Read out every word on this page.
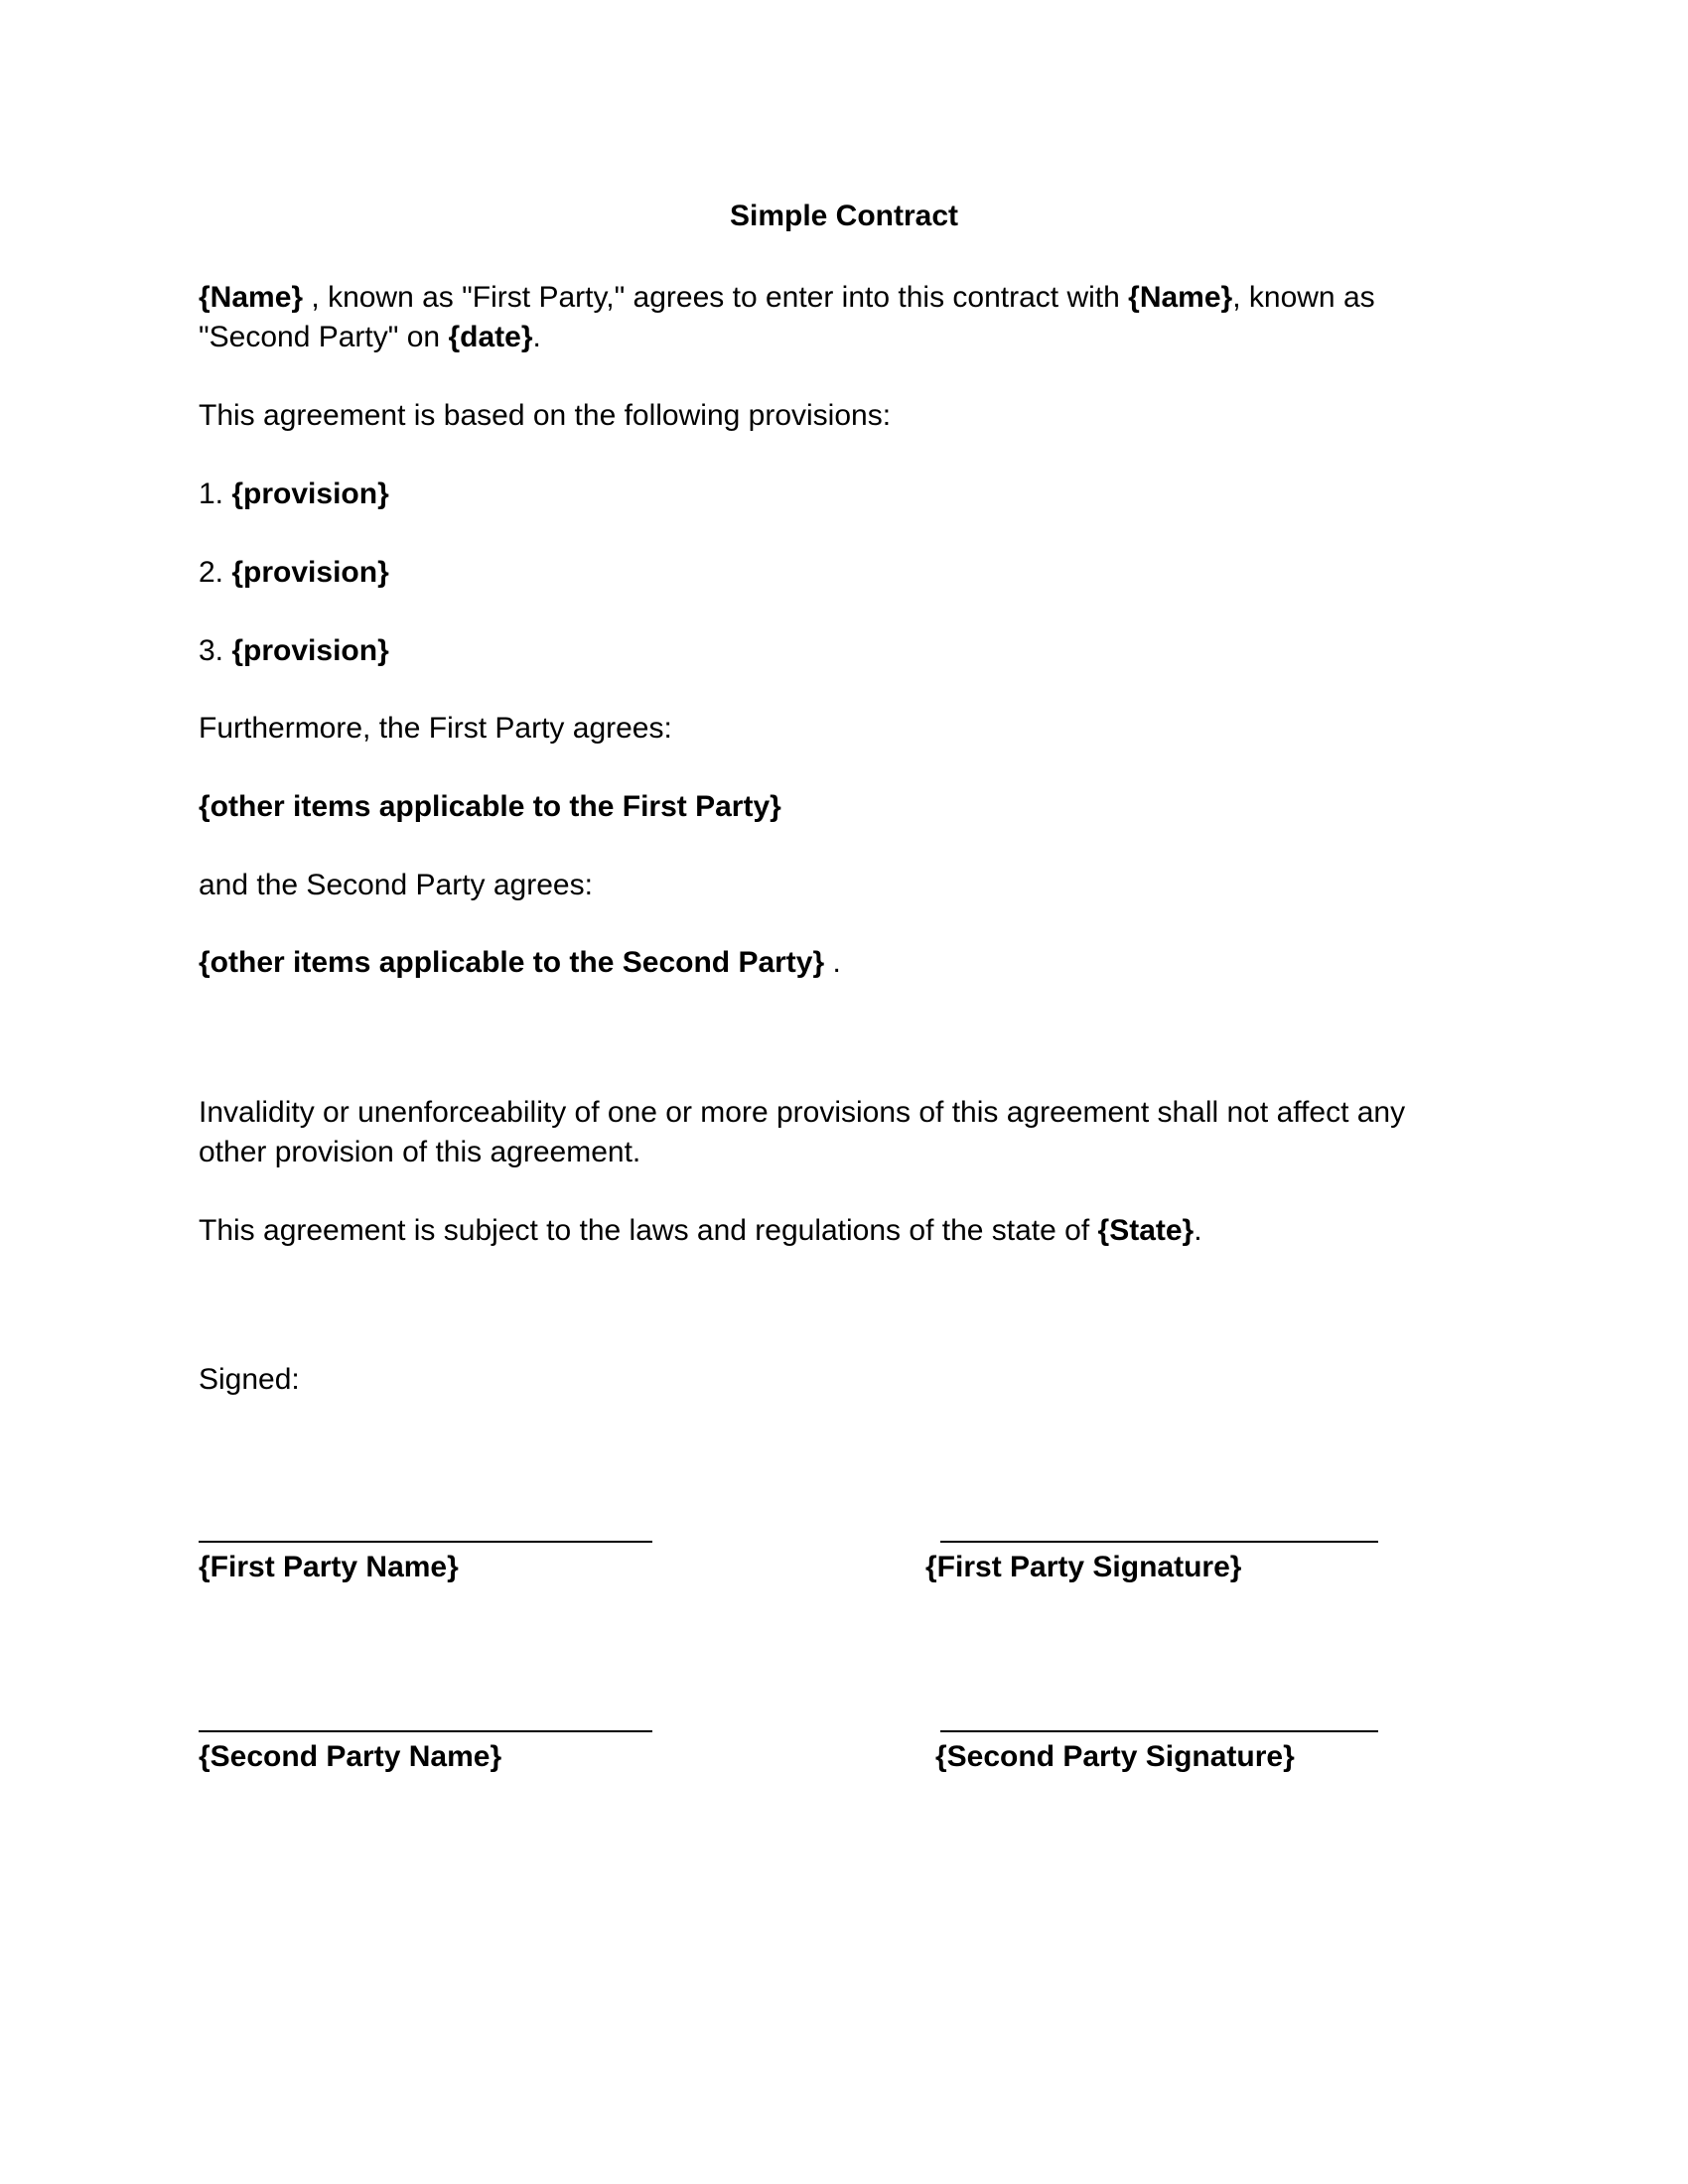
Simple Contract
{Name} , known as "First Party," agrees to enter into this contract with {Name}, known as
"Second Party" on {date}.
This agreement is based on the following provisions:
1. {provision}
2. {provision}
3. {provision}
Furthermore, the First Party agrees:
{other items applicable to the First Party}
and the Second Party agrees:
{other items applicable to the Second Party} .
Invalidity or unenforceability of one or more provisions of this agreement shall not affect any
other provision of this agreement.
This agreement is subject to the laws and regulations of the state of {State}.
Signed:
{First Party Name}	{First Party Signature}
{Second Party Name}	{Second Party Signature}
